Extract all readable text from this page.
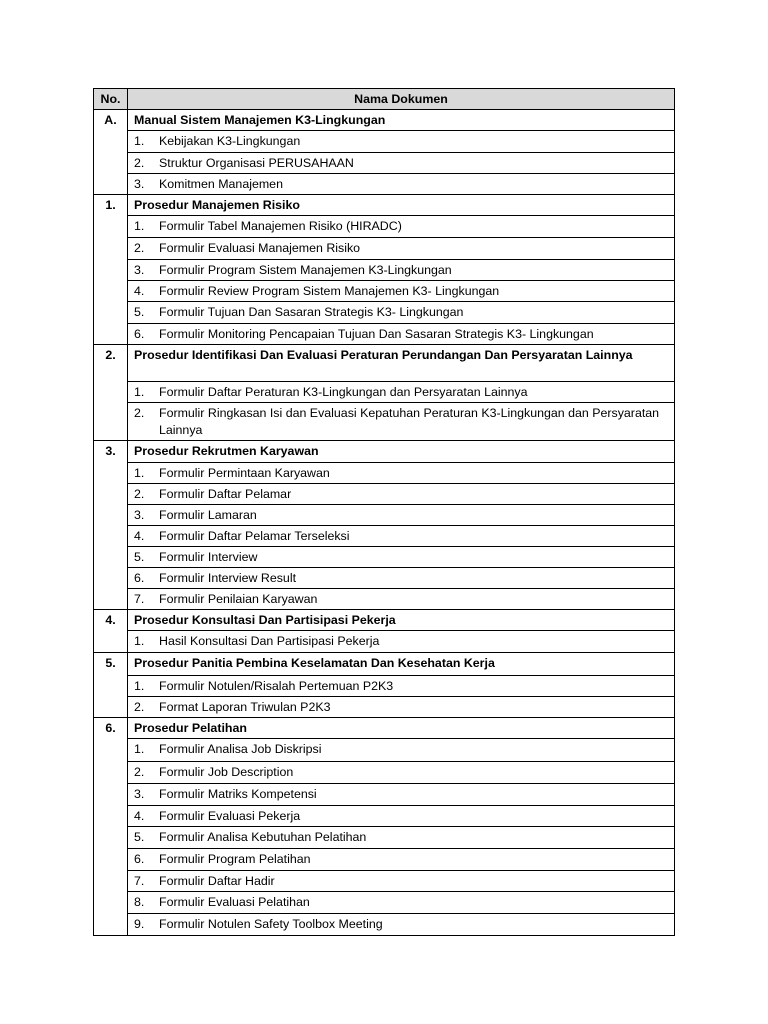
No.	Nama Dokumen
A.	Manual Sistem Manajemen K3-Lingkungan

	1. Kebijakan K3-Lingkungan

	2. Struktur Organisasi PERUSAHAAN

	3. Komitmen Manajemen

1.	Prosedur Manajemen Risiko

	1. Formulir Tabel Manajemen Risiko (HIRADC)

	2. Formulir Evaluasi Manajemen Risiko

	3. Formulir Program Sistem Manajemen K3-Lingkungan

	4. Formulir Review Program Sistem Manajemen K3- Lingkungan

	5. Formulir Tujuan Dan Sasaran Strategis K3- Lingkungan

	6. Formulir Monitoring Pencapaian Tujuan Dan Sasaran Strategis K3- Lingkungan

2.	Prosedur Identifikasi Dan Evaluasi Peraturan Perundangan Dan Persyaratan Lainnya

	1. Formulir Daftar Peraturan K3-Lingkungan dan Persyaratan Lainnya

	2. Formulir Ringkasan Isi dan Evaluasi Kepatuhan Peraturan K3-Lingkungan dan Persyaratan Lainnya

3.	Prosedur Rekrutmen Karyawan

	1. Formulir Permintaan Karyawan

	2. Formulir Daftar Pelamar

	3. Formulir Lamaran

	4. Formulir Daftar Pelamar Terseleksi

	5. Formulir Interview

	6. Formulir Interview Result

	7. Formulir Penilaian Karyawan

4.	Prosedur Konsultasi Dan Partisipasi Pekerja

	1. Hasil Konsultasi Dan Partisipasi Pekerja

5.	Prosedur Panitia Pembina Keselamatan Dan Kesehatan Kerja

	1. Formulir Notulen/Risalah Pertemuan P2K3

	2. Format Laporan Triwulan P2K3

6.	Prosedur Pelatihan

	1. Formulir Analisa Job Diskripsi

	2. Formulir Job Description

	3. Formulir Matriks Kompetensi

	4. Formulir Evaluasi Pekerja

	5. Formulir Analisa Kebutuhan Pelatihan

	6. Formulir Program Pelatihan

	7. Formulir Daftar Hadir

	8. Formulir Evaluasi Pelatihan

	9. Formulir Notulen Safety Toolbox Meeting
